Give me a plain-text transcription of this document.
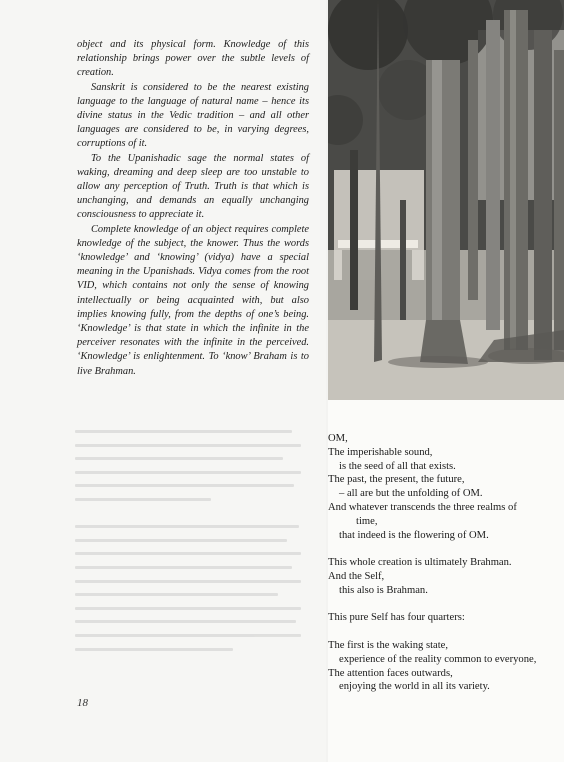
object and its physical form. Knowledge of this relationship brings power over the subtle levels of creation.

Sanskrit is considered to be the nearest existing language to the language of natural name – hence its divine status in the Vedic tradition – and all other languages are considered to be, in varying degrees, corruptions of it.

To the Upanishadic sage the normal states of waking, dreaming and deep sleep are too unstable to allow any perception of Truth. Truth is that which is unchanging, and demands an equally unchanging consciousness to appreciate it.

Complete knowledge of an object requires complete knowledge of the subject, the knower. Thus the words ‘knowledge’ and ‘knowing’ (vidya) have a special meaning in the Upanishads. Vidya comes from the root VID, which contains not only the sense of knowing intellectually or being acquainted with, but also implies knowing fully, from the depths of one’s being. ‘Knowledge’ is that state in which the infinite in the perceiver resonates with the infinite in the perceived. ‘Knowledge’ is enlightenment. To ‘know’ Braham is to live Brahman.

18
OM,
The imperishable sound,
is the seed of all that exists.
The past, the present, the future,
– all are but the unfolding of OM.
And whatever transcends the three realms of
time,
that indeed is the flowering of OM.
This whole creation is ultimately Brahman.
And the Self,
this also is Brahman.
This pure Self has four quarters:
The first is the waking state,
experience of the reality common to everyone,
The attention faces outwards,
enjoying the world in all its variety.
